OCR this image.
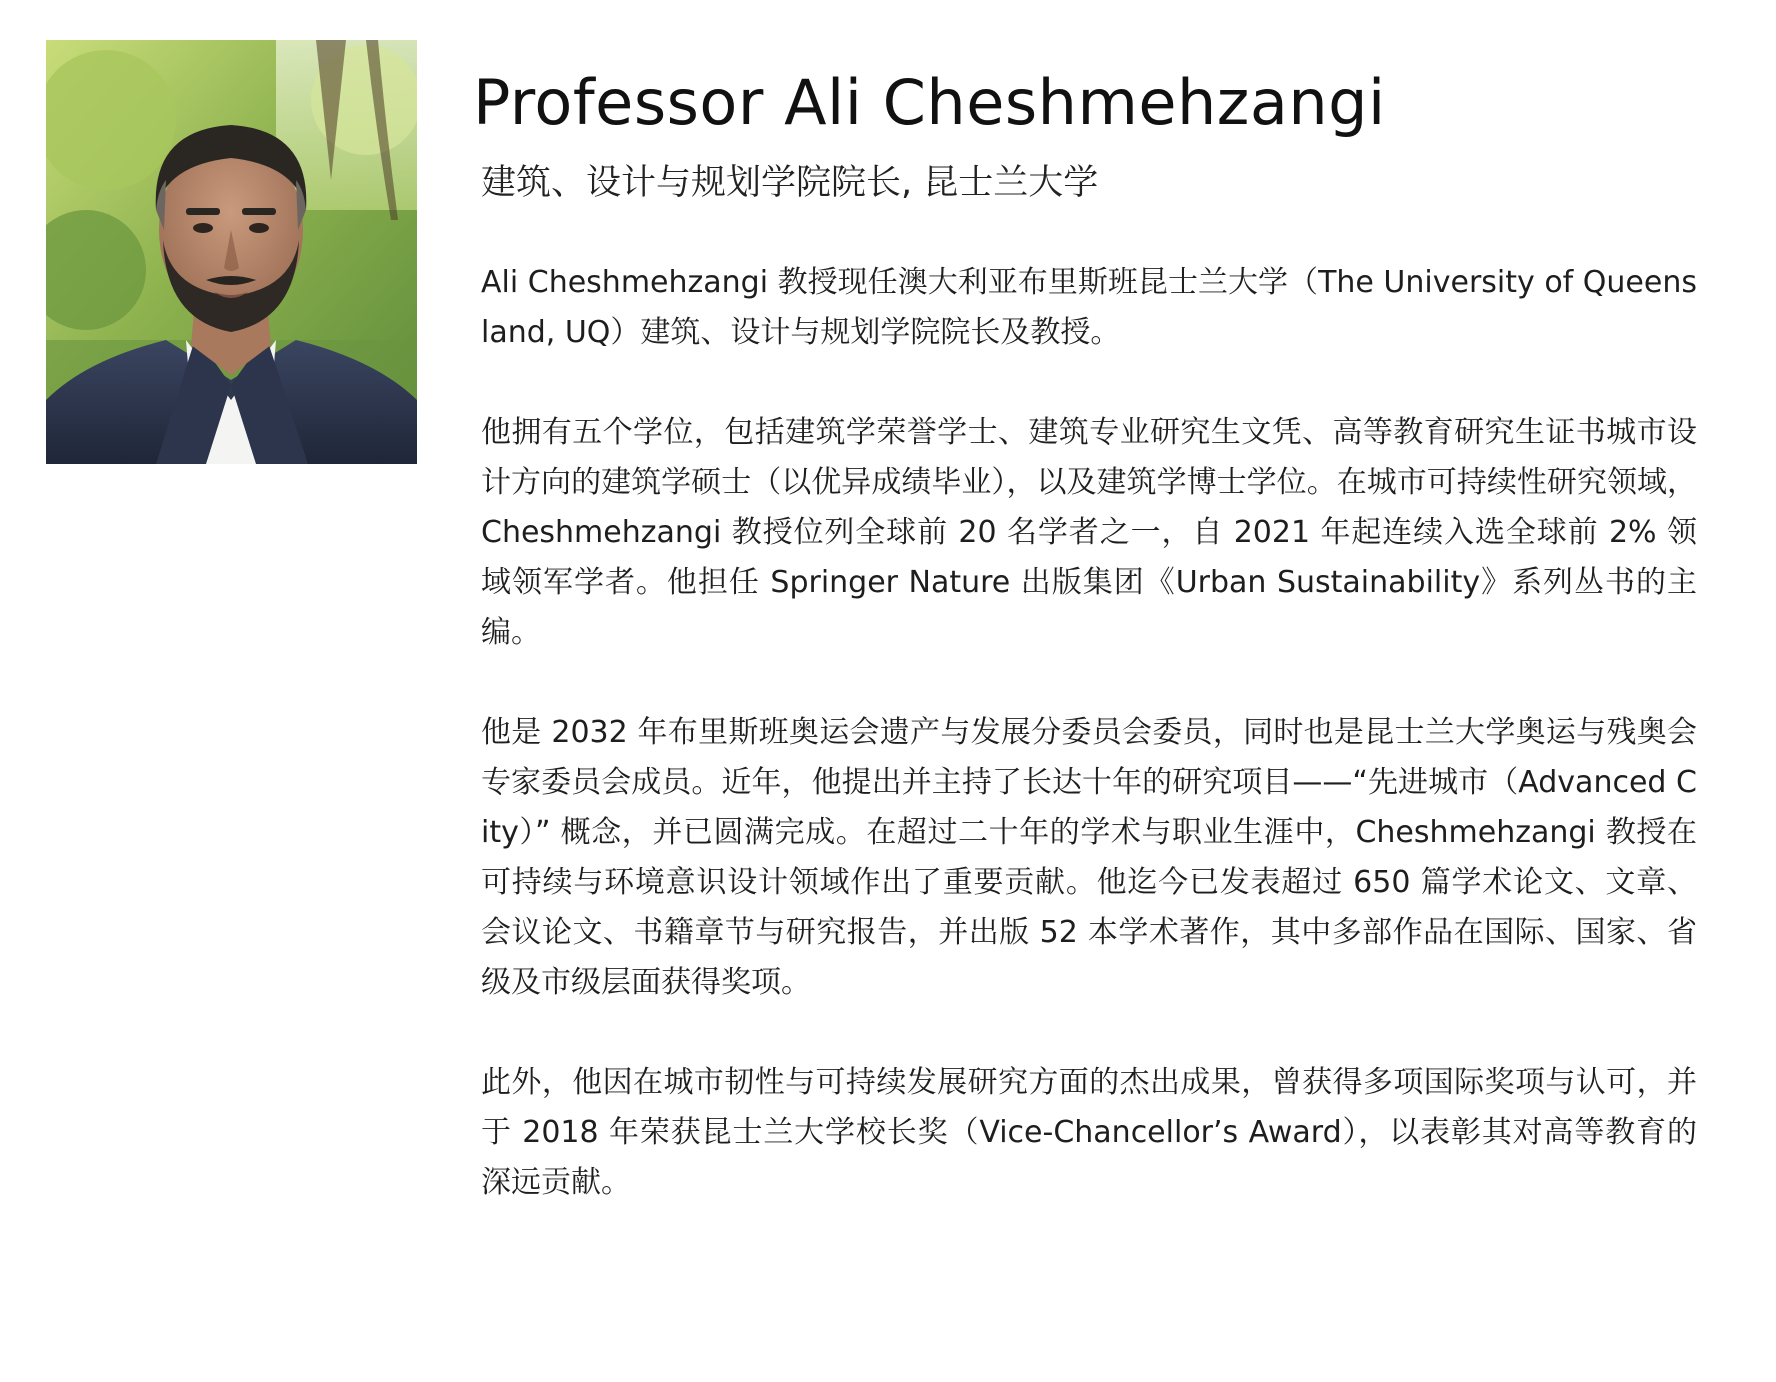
Professor Ali Cheshmehzangi
建筑、设计与规划学院院长, 昆士兰大学

Ali Cheshmehzangi 教授现任澳大利亚布里斯班昆士兰大学（The University of Queensland, UQ）建筑、设计与规划学院院长及教授。

他拥有五个学位，包括建筑学荣誉学士、建筑专业研究生文凭、高等教育研究生证书城市设计方向的建筑学硕士（以优异成绩毕业），以及建筑学博士学位。在城市可持续性研究领域，Cheshmehzangi 教授位列全球前 20 名学者之一，自 2021 年起连续入选全球前 2% 领域领军学者。他担任 Springer Nature 出版集团《Urban Sustainability》系列丛书的主编。

他是 2032 年布里斯班奥运会遗产与发展分委员会委员，同时也是昆士兰大学奥运与残奥会专家委员会成员。近年，他提出并主持了长达十年的研究项目——“先进城市（Advanced City）” 概念，并已圆满完成。在超过二十年的学术与职业生涯中，Cheshmehzangi 教授在可持续与环境意识设计领域作出了重要贡献。他迄今已发表超过 650 篇学术论文、文章、会议论文、书籍章节与研究报告，并出版 52 本学术著作，其中多部作品在国际、国家、省级及市级层面获得奖项。

此外，他因在城市韧性与可持续发展研究方面的杰出成果，曾获得多项国际奖项与认可，并于 2018 年荣获昆士兰大学校长奖（Vice-Chancellor’s Award），以表彰其对高等教育的深远贡献。
